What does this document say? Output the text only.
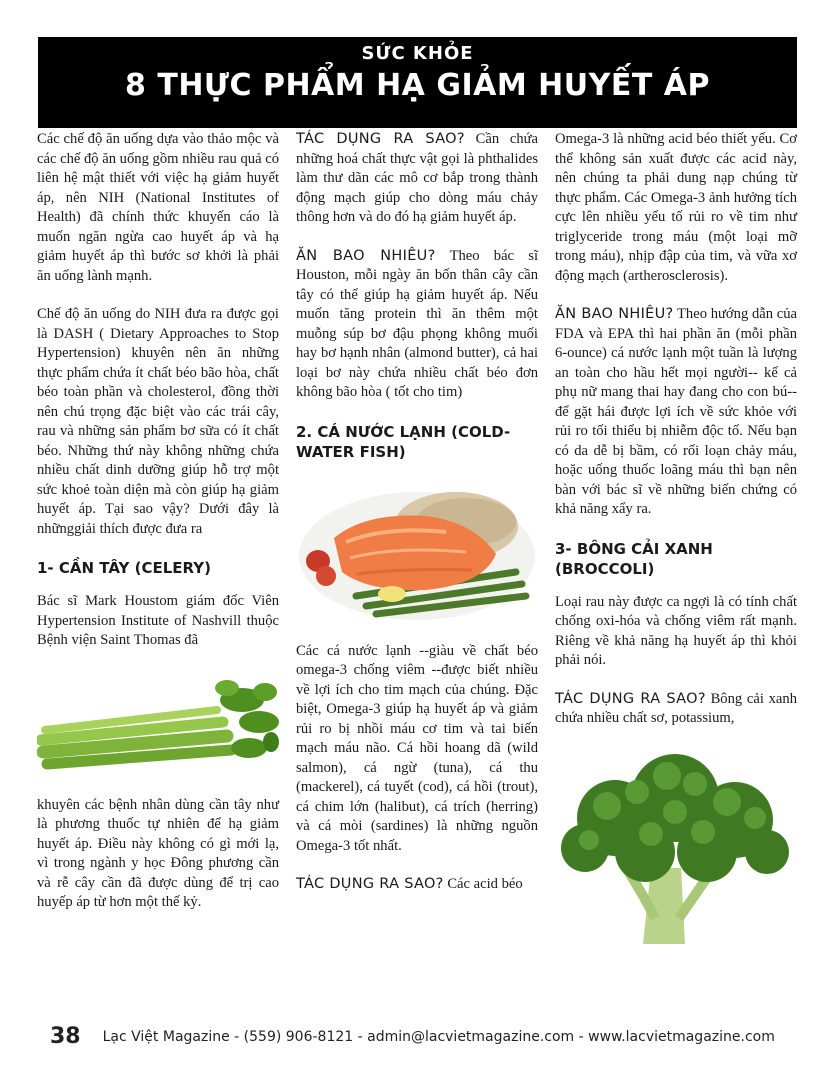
SỨC KHỎE
8 THỰC PHẨM HẠ GIẢM HUYẾT ÁP

Các chế độ ăn uống dựa vào thảo mộc và các chế độ ăn uống gồm nhiều rau quả có liên hệ mật thiết với việc hạ giảm huyết áp, nên NIH (National Institutes of Health) đã chính thức khuyến cáo là muốn ngăn ngừa cao huyết áp và hạ giảm huyết áp thì bước sơ khởi là phải ăn uống lành mạnh.

Chế độ ăn uống do NIH đưa ra được gọi là DASH ( Dietary Approaches to Stop Hypertension) khuyên nên ăn những thực phẩm chứa ít chất béo bão hòa, chất béo toàn phần và cholesterol, đồng thời nên chú trọng đặc biệt vào các trái cây, rau và những sản phẩm bơ sữa có ít chất béo. Những thứ này không những chứa nhiều chất dinh dưỡng giúp hỗ trợ một sức khoẻ toàn diện mà còn giúp hạ giảm huyết áp. Tại sao vậy? Dưới đây là nhữnggiải thích được đưa ra

1- CẦN TÂY (CELERY)

Bác sĩ Mark Houstom giám đốc Viên Hypertension Institute of Nashvill thuộc Bệnh viện Saint Thomas đã

khuyên các bệnh nhân dùng cần tây như là phương thuốc tự nhiên để hạ giảm huyết áp. Điều này không có gì mới lạ, vì trong ngành y học Đông phương cần và rễ cây cần đã được dùng để trị cao huyếp áp từ hơn một thế kỷ.

TÁC DỤNG RA SAO? Cần chứa những hoá chất thực vật gọi là phthalides làm thư dãn các mô cơ bắp trong thành động mạch giúp cho dòng máu chảy thông hơn và do đó hạ giảm huyết áp.

ĂN BAO NHIÊU? Theo bác sĩ Houston, mỗi ngày ăn bốn thân cây cần tây có thể giúp hạ giảm huyết áp. Nếu muốn tăng protein thì ăn thêm một muỗng súp bơ đậu phọng không muối hay bơ hạnh nhân (almond butter), cả hai loại bơ này chứa nhiều chất béo đơn không bão hòa ( tốt cho tim)

2. CÁ NƯỚC LẠNH (COLD-WATER FISH)

Các cá nước lạnh --giàu về chất béo omega-3 chống viêm --được biết nhiều về lợi ích cho tim mạch của chúng. Đặc biệt, Omega-3 giúp hạ huyết áp và giảm rủi ro bị nhồi máu cơ tim và tai biến mạch máu não. Cá hồi hoang dã (wild salmon), cá ngừ (tuna), cá thu (mackerel), cá tuyết (cod), cá hồi (trout), cá chim lớn (halibut), cá trích (herring) và cá mòi (sardines) là những nguồn Omega-3 tốt nhất.

TÁC DỤNG RA SAO? Các acid béo

Omega-3 là những acid béo thiết yếu. Cơ thể không sản xuất được các acid này, nên chúng ta phải dung nạp chúng từ thực phẩm. Các Omega-3 ảnh hưởng tích cực lên nhiều yếu tố rủi ro về tim như triglyceride trong máu (một loại mỡ trong máu), nhịp đập của tim, và vữa xơ động mạch (artherosclerosis).

ĂN BAO NHIÊU? Theo hướng dẫn của FDA và EPA thì hai phần ăn (mỗi phần 6-ounce) cá nước lạnh một tuần là lượng an toàn cho hầu hết mọi người-- kể cả phụ nữ mang thai hay đang cho con bú-- để gặt hái được lợi ích về sức khỏe với rủi ro tối thiểu bị nhiễm độc tố. Nếu bạn có da dễ bị bầm, có rối loạn chảy máu, hoặc uống thuốc loãng máu thì bạn nên bàn với bác sĩ về những biến chứng có khả năng xẩy ra.

3- BÔNG CẢI XANH (BROCCOLI)

Loại rau này được ca ngợi là có tính chất chống oxi-hóa và chống viêm rất mạnh. Riêng về khả năng hạ huyết áp thì khỏi phải nói.

TÁC DỤNG RA SAO? Bông cải xanh chứa nhiều chất sơ, potassium,

38 Lạc Việt Magazine - (559) 906-8121 - admin@lacvietmagazine.com - www.lacvietmagazine.com
